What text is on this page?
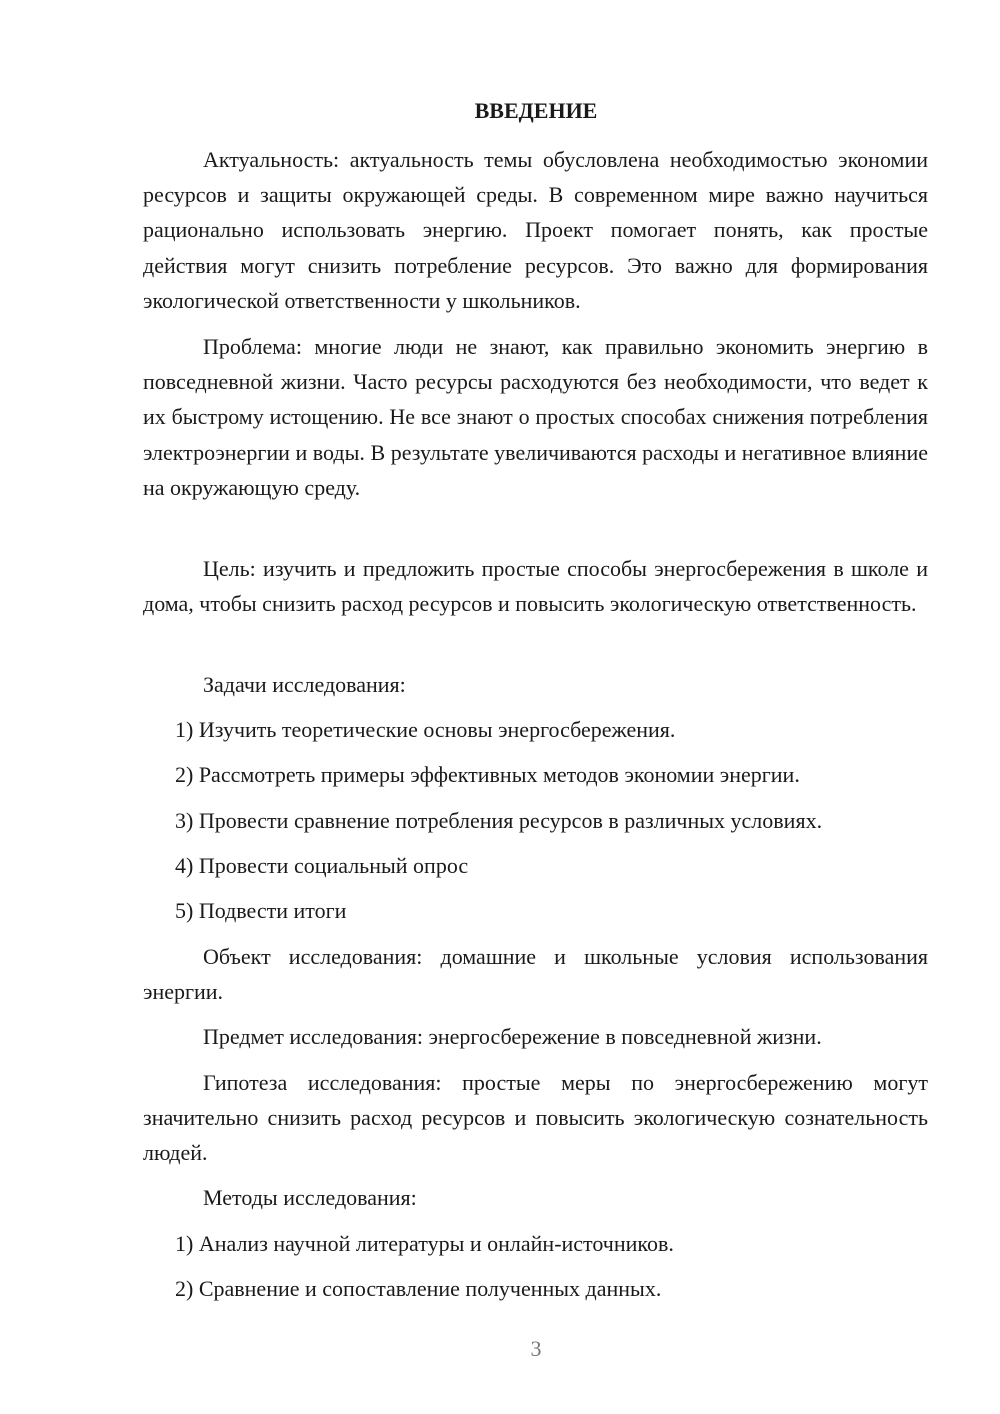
ВВЕДЕНИЕ

Актуальность: актуальность темы обусловлена необходимостью экономии ресурсов и защиты окружающей среды. В современном мире важно научиться рационально использовать энергию. Проект помогает понять, как простые действия могут снизить потребление ресурсов. Это важно для формирования экологической ответственности у школьников.

Проблема: многие люди не знают, как правильно экономить энергию в повседневной жизни. Часто ресурсы расходуются без необходимости, что ведет к их быстрому истощению. Не все знают о простых способах снижения потребления электроэнергии и воды. В результате увеличиваются расходы и негативное влияние на окружающую среду.

Цель: изучить и предложить простые способы энергосбережения в школе и дома, чтобы снизить расход ресурсов и повысить экологическую ответственность.

Задачи исследования:

1) Изучить теоретические основы энергосбережения.

2) Рассмотреть примеры эффективных методов экономии энергии.

3) Провести сравнение потребления ресурсов в различных условиях.

4) Провести социальный опрос

5) Подвести итоги

Объект исследования: домашние и школьные условия использования энергии.

Предмет исследования: энергосбережение в повседневной жизни.

Гипотеза исследования: простые меры по энергосбережению могут значительно снизить расход ресурсов и повысить экологическую сознательность людей.

Методы исследования:

1) Анализ научной литературы и онлайн-источников.

2) Сравнение и сопоставление полученных данных.

3
